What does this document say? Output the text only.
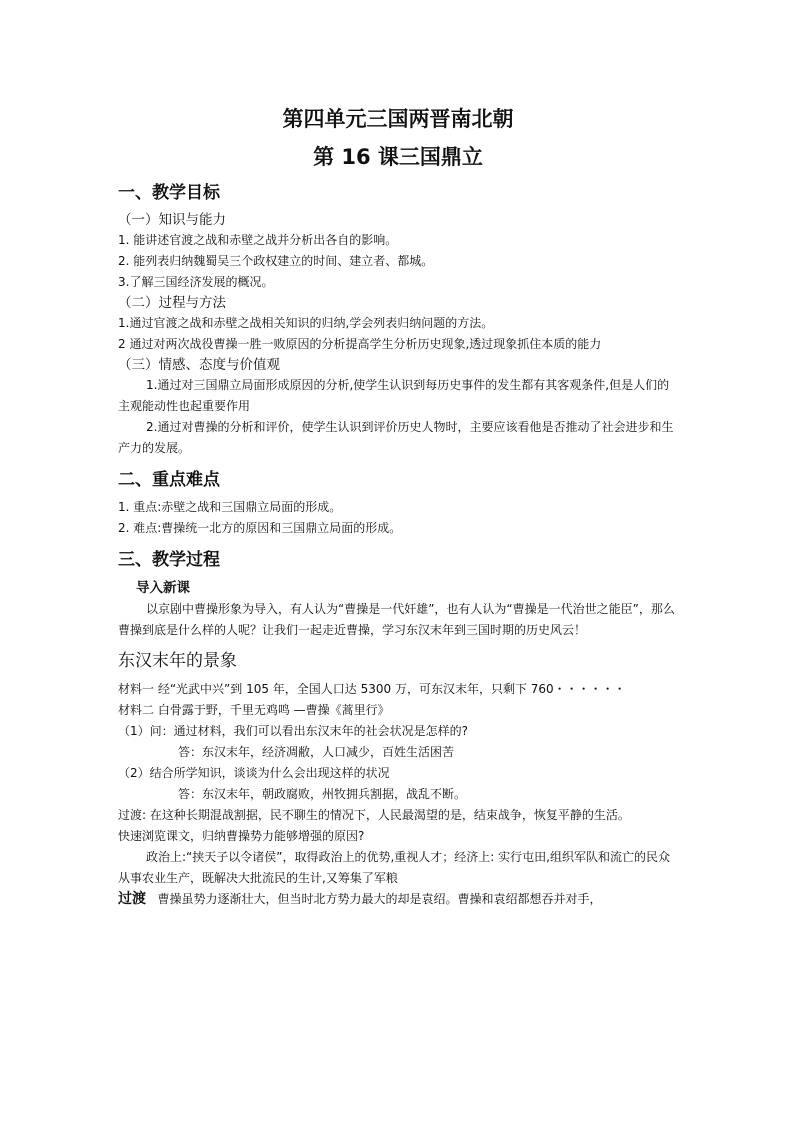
第四单元三国两晋南北朝

第 16 课三国鼎立

一、教学目标

（一）知识与能力

1. 能讲述官渡之战和赤壁之战并分析出各自的影响。

2. 能列表归纳魏蜀吴三个政权建立的时间、建立者、都城。

3.了解三国经济发展的概况。

（二）过程与方法

1.通过官渡之战和赤壁之战相关知识的归纳,学会列表归纳问题的方法。

2 通过对两次战役曹操一胜一败原因的分析提高学生分析历史现象,透过现象抓住本质的能力

（三）情感、态度与价值观

1.通过对三国鼎立局面形成原因的分析,使学生认识到每历史事件的发生都有其客观条件,但是人们的主观能动性也起重要作用

2.通过对曹操的分析和评价，使学生认识到评价历史人物时，主要应该看他是否推动了社会进步和生产力的发展。

二、重点难点

1. 重点:赤壁之战和三国鼎立局面的形成。

2. 难点:曹操统一北方的原因和三国鼎立局面的形成。

三、教学过程

导入新课

以京剧中曹操形象为导入，有人认为“曹操是一代奸雄”，也有人认为“曹操是一代治世之能臣”，那么曹操到底是什么样的人呢？让我们一起走近曹操，学习东汉末年到三国时期的历史风云！

东汉末年的景象

材料一 经“光武中兴”到 105 年，全国人口达 5300 万，可东汉末年，只剩下 760・・・・・・

材料二 白骨露于野，千里无鸡鸣 —曹操《蒿里行》

（1）问：通过材料，我们可以看出东汉末年的社会状况是怎样的?

答：东汉末年，经济凋敝，人口减少，百姓生活困苦

（2）结合所学知识，谈谈为什么会出现这样的状况

答：东汉末年，朝政腐败，州牧拥兵割据，战乱不断。

过渡: 在这种长期混战割据，民不聊生的情况下，人民最渴望的是，结束战争，恢复平静的生活。

快速浏览课文，归纳曹操势力能够增强的原因?

政治上:“挟天子以令诸侯”，取得政治上的优势,重视人才；经济上: 实行屯田,组织军队和流亡的民众从事农业生产，既解决大批流民的生计,又筹集了军粮

过渡 曹操虽势力逐渐壮大，但当时北方势力最大的却是袁绍。曹操和袁绍都想吞并对手，
